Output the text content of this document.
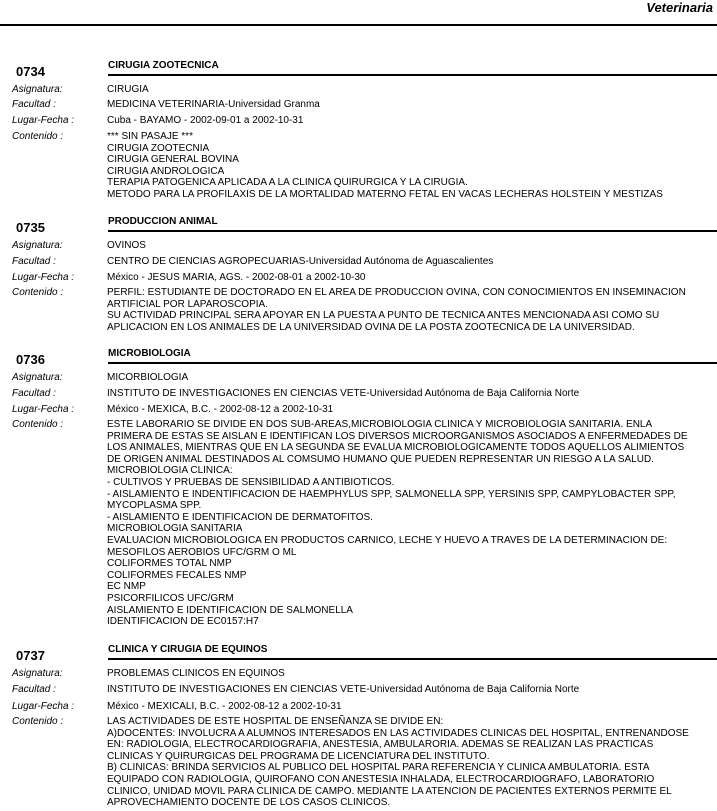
Veterinaria
0734	CIRUGIA ZOOTECNICA
Asignatura:	CIRUGIA
Facultad :	MEDICINA VETERINARIA-Universidad Granma
Lugar-Fecha :	Cuba - BAYAMO - 2002-09-01 a 2002-10-31
Contenido :	*** SIN PASAJE ***
CIRUGIA ZOOTECNIA
CIRUGIA GENERAL BOVINA
CIRUGIA ANDROLOGICA
TERAPIA PATOGENICA APLICADA A LA CLINICA QUIRURGICA Y LA CIRUGIA.
METODO PARA LA PROFILAXIS DE LA MORTALIDAD MATERNO FETAL EN VACAS LECHERAS HOLSTEIN Y MESTIZAS
0735	PRODUCCION ANIMAL
Asignatura:	OVINOS
Facultad :	CENTRO DE CIENCIAS AGROPECUARIAS-Universidad Autónoma de Aguascalientes
Lugar-Fecha :	México - JESUS MARIA, AGS. - 2002-08-01 a 2002-10-30
Contenido :	PERFIL: ESTUDIANTE DE DOCTORADO EN EL AREA DE PRODUCCION OVINA, CON CONOCIMIENTOS EN INSEMINACION
ARTIFICIAL POR LAPAROSCOPIA.
SU ACTIVIDAD PRINCIPAL SERA APOYAR EN LA PUESTA A PUNTO DE TECNICA ANTES MENCIONADA ASI COMO SU
APLICACION EN LOS ANIMALES DE LA UNIVERSIDAD OVINA DE LA POSTA ZOOTECNICA DE LA UNIVERSIDAD.
0736	MICROBIOLOGIA
Asignatura:	MICORBIOLOGIA
Facultad :	INSTITUTO DE INVESTIGACIONES EN CIENCIAS VETE-Universidad Autónoma de Baja California Norte
Lugar-Fecha :	México - MEXICA, B.C. - 2002-08-12 a 2002-10-31
Contenido :	ESTE LABORARIO SE DIVIDE EN DOS SUB-AREAS,MICROBIOLOGIA CLINICA Y MICROBIOLOGIA SANITARIA. ENLA
PRIMERA DE ESTAS SE AISLAN E IDENTIFICAN LOS DIVERSOS MICROORGANISMOS ASOCIADOS A ENFERMEDADES DE
LOS ANIMALES, MIENTRAS QUE EN LA SEGUNDA SE EVALUA MICROBIOLOGICAMENTE TODOS AQUELLOS ALIMIENTOS
DE ORIGEN ANIMAL DESTINADOS AL COMSUMO HUMANO QUE PUEDEN REPRESENTAR UN RIESGO A LA SALUD.
MICROBIOLOGIA CLINICA:
- CULTIVOS Y PRUEBAS DE SENSIBILIDAD A ANTIBIOTICOS.
- AISLAMIENTO E INDENTIFICACION DE HAEMPHYLUS SPP, SALMONELLA SPP, YERSINIS SPP, CAMPYLOBACTER SPP,
MYCOPLASMA SPP.
- AISLAMIENTO E IDENTIFICACION DE DERMATOFITOS.
MICROBIOLOGIA SANITARIA
EVALUACION MICROBIOLOGICA EN PRODUCTOS CARNICO, LECHE Y HUEVO A TRAVES DE LA DETERMINACION DE:
MESOFILOS AEROBIOS UFC/GRM O ML
COLIFORMES TOTAL NMP
COLIFORMES FECALES NMP
EC NMP
PSICORFILICOS UFC/GRM
AISLAMIENTO E IDENTIFICACION DE SALMONELLA
IDENTIFICACION DE EC0157:H7
0737	CLINICA Y CIRUGIA DE EQUINOS
Asignatura:	PROBLEMAS CLINICOS EN EQUINOS
Facultad :	INSTITUTO DE INVESTIGACIONES EN CIENCIAS VETE-Universidad Autónoma de Baja California Norte
Lugar-Fecha :	México - MEXICALI, B.C. - 2002-08-12 a 2002-10-31
Contenido :	LAS ACTIVIDADES DE ESTE HOSPITAL DE ENSEÑANZA SE DIVIDE EN:
A)DOCENTES: INVOLUCRA A ALUMNOS INTERESADOS EN LAS ACTIVIDADES CLINICAS DEL HOSPITAL, ENTRENANDOSE
EN: RADIOLOGIA, ELECTROCARDIOGRAFIA, ANESTESIA, AMBULARORIA. ADEMAS SE REALIZAN LAS PRACTICAS
CLINICAS Y QUIRURGICAS DEL PROGRAMA DE LICENCIATURA DEL INSTITUTO.
B) CLINICAS: BRINDA SERVICIOS AL PUBLICO DEL HOSPITAL PARA REFERENCIA Y CLINICA AMBULATORIA. ESTA
EQUIPADO CON RADIOLOGIA, QUIROFANO CON ANESTESIA INHALADA, ELECTROCARDIOGRAFO, LABORATORIO
CLINICO, UNIDAD MOVIL PARA CLINICA DE CAMPO. MEDIANTE LA ATENCION DE PACIENTES EXTERNOS PERMITE EL
APROVECHAMIENTO DOCENTE DE LOS CASOS CLINICOS.
